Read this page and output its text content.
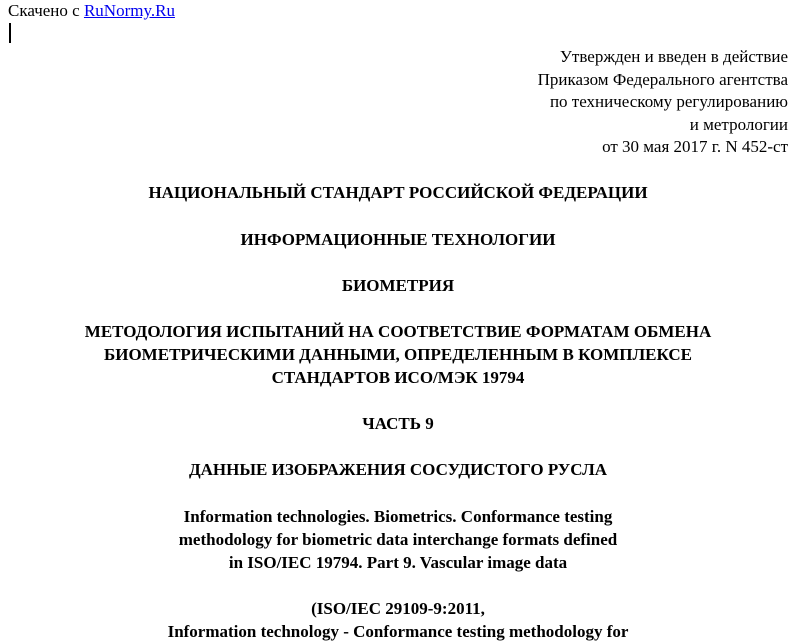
Скачено с RuNormy.Ru
Утвержден и введен в действие
Приказом Федерального агентства
по техническому регулированию
и метрологии
от 30 мая 2017 г. N 452-ст
НАЦИОНАЛЬНЫЙ СТАНДАРТ РОССИЙСКОЙ ФЕДЕРАЦИИ
ИНФОРМАЦИОННЫЕ ТЕХНОЛОГИИ
БИОМЕТРИЯ
МЕТОДОЛОГИЯ ИСПЫТАНИЙ НА СООТВЕТСТВИЕ ФОРМАТАМ ОБМЕНА
БИОМЕТРИЧЕСКИМИ ДАННЫМИ, ОПРЕДЕЛЕННЫМ В КОМПЛЕКСЕ
СТАНДАРТОВ ИСО/МЭК 19794
ЧАСТЬ 9
ДАННЫЕ ИЗОБРАЖЕНИЯ СОСУДИСТОГО РУСЛА
Information technologies. Biometrics. Conformance testing
methodology for biometric data interchange formats defined
in ISO/IEC 19794. Part 9. Vascular image data
(ISO/IEC 29109-9:2011,
Information technology - Conformance testing methodology for
